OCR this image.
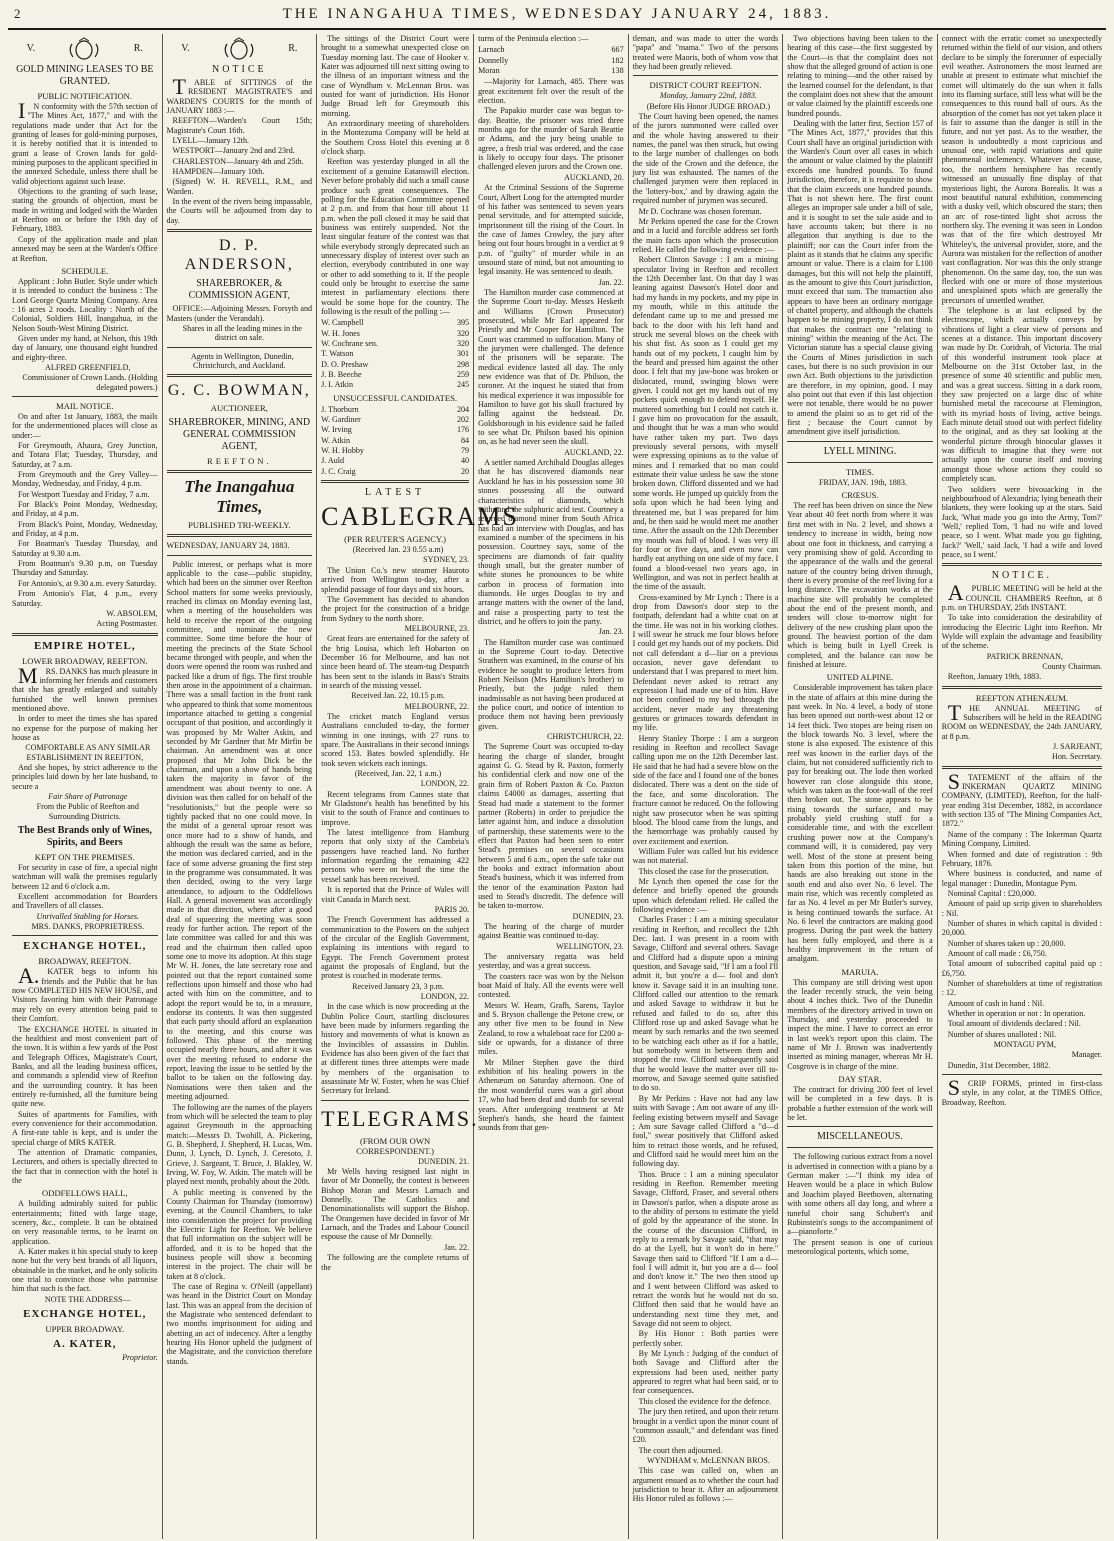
2	THE INANGAHUA TIMES, WEDNESDAY JANUARY 24, 1883.
V.	R.
GOLD MINING LEASES TO BE GRANTED.
PUBLIC NOTIFICATION.

IN conformity with the 57th section of "The Mines Act, 1877," and with the regulations made under that Act for the granting of leases for gold-mining purposes, it is hereby notified that it is intended to grant a lease of Crown lands for gold-mining purposes to the applicant specified in the annexed Schedule, unless there shall be valid objections against such lease.

Objections to the granting of such lease, stating the grounds of objection, must be made in writing and lodged with the Warden at Reefton on or before the 19th day of February, 1883.

Copy of the application made and plan annexed may be seen at the Warden's Office at Reefton.

SCHEDULE.

Applicant : John Butler. Style under which it is intended to conduct the business : The Lord George Quartz Mining Company. Area : 16 acres 2 roods. Locality : North of the Colonial, Soldiers Hill, Inangahua, in the Nelson South-West Mining District.

Given under my hand, at Nelson, this 19th day of January, one thousand eight hundred and eighty-three.

ALFRED GREENFIELD,

Commissioner of Crown Lands. (Holding delegated powers.)

MAIL NOTICE.

On and after 1st January, 1883, the mails for the undermentioned places will close as under:—

For Greymouth, Ahaura, Grey Junction, and Totara Flat; Tuesday, Thursday, and Saturday, at 7 a.m.

From Greymouth and the Grey Valley—Monday, Wednesday, and Friday, 4 p.m.

For Westport Tuesday and Friday, 7 a.m.

For Black's Point Monday, Wednesday, and Friday, at 4 p.m.

From Black's Point, Monday, Wednesday, and Friday, at 4 p.m.

For Boatman's Tuesday Thursday, and Saturday at 9.30 a.m.

From Boatman's 9.30 p.m, on Tuesday Thursday and Saturday.

For Antonio's, at 9.30 a.m. every Saturday.

From Antonio's Flat, 4 p.m., every Saturday.

W. ABSOLEM,

Acting Postmaster.

EMPIRE HOTEL,
LOWER BROADWAY, REEFTON.

MRS. DANKS has much pleasure in informing her friends and customers that she has greatly enlarged and suitably furnished the well known premises mentioned above.

In order to meet the times she has spared no expense for the purpose of making her house as

COMFORTABLE AS ANY SIMILAR ESTABLISHMENT IN REEFTON,

And she hopes, by strict adherence to the principles laid down by her late husband, to secure a

Fair Share of Patronage

From the Public of Reefton and Surrounding Districts.

The Best Brands only of Wines, Spirits, and Beers
KEPT ON THE PREMISES.

For security in case of fire, a special night watchman will walk the premises regularly between 12 and 6 o'clock a.m.

Excellent accommodation for Boarders and Travellers of all classes.

Unrivalled Stabling for Horses.

MRS. DANKS, PROPRIETRESS.

EXCHANGE HOTEL,
BROADWAY, REEFTON.

A.KATER begs to inform his friends and the Public that he has now COMPLETED HIS NEW HOUSE, and Visitors favoring him with their Patronage may rely on every attention being paid to their Comfort.

The EXCHANGE HOTEL is situated in the healthiest and most convenient part of the town. It is within a few yards of the Post and Telegraph Offices, Magistrate's Court, Banks, and all the leading business offices, and commands a splendid view of Reefton and the surrounding country. It has been entirely re-furnished, all the furniture being quite new.

Suites of apartments for Families, with every convenience for their accommodation. A first-rate table is kept, and is under the special charge of MRS KATER.

The attention of Dramatic companies, Lecturers, and others is specially directed to the fact that in connection with the hotel is the

ODDFELLOWS HALL,

A building admirably suited for public entertainments; fitted with large stage, scenery, &c., complete. It can be obtained on very reasonable terms, to be learnt on application.

A. Kater makes it his special study to keep none but the very best brands of all liquors, obtainable in the market, and he only solicits one trial to convince those who patronise him that such is the fact.

NOTE THE ADDRESS—

EXCHANGE HOTEL,
UPPER BROADWAY.
A. KATER,

Proprietor.

V.	R.
NOTICE

TABLE of SITTINGS of the RESIDENT MAGISTRATE'S and WARDEN'S COURTS for the month of JANUARY 1883 :—

REEFTON—Warden's Court 15th; Magistrate's Court 16th.

LYELL—January 12th.

WESTPORT—January 2nd and 23rd.

CHARLESTON—January 4th and 25th.

HAMPDEN—January 10th.

(Signed) W. H. REVELL, R.M., and Warden.

In the event of the rivers being impassable, the Courts will be adjourned from day to day.

D. P. ANDERSON,
SHAREBROKER, & COMMISSION AGENT,

OFFICE:—Adjoining Messrs. Forsyth and Masters (under the Verandah).

Shares in all the leading mines in the district on sale.

Agents in Wellington, Dunedin, Christchurch, and Auckland.

G. C. BOWMAN,
AUCTIONEER,
SHAREBROKER, MINING, AND GENERAL COMMISSION AGENT,
REEFTON.
The Inangahua Times,
PUBLISHED TRI-WEEKLY.

WEDNESDAY, JANUARY 24, 1883.

Public interest, or perhaps what is more applicable to the case—public stupidity, which had been on the simmer over Reefton School matters for some weeks previously, reached its climax on Monday evening last, when a meeting of the householders was held to receive the report of the outgoing committee, and nominate the new committee. Some time before the hour of meeting the precincts of the State School became thronged with people, and when the doors were opened the room was rushed and packed like a drum of figs. The first trouble then arose in the appointment of a chairman. There was a small faction in the front rank who appeared to think that some momentous importance attached to getting a congenial occupant of that position, and accordingly it was proposed by Mr Walter Askin, and seconded by Mr Gardner that Mr Mirfin be chairman. An amendment was at once proposed that Mr John Dick be the chairman, and upon a show of hands being taken the majority in favor of the amendment was about twenty to one. A division was then called for on behalf of the "resolutionists," but the people were so tightly packed that no one could move. In the midst of a general uproar resort was once more had to a show of hands, and although the result was the same as before, the motion was declared carried, and in the face of some adverse groaning the first step in the programme was consummated. It was then decided, owing to the very large attendance, to adjourn to the Oddfellows Hall. A general movement was accordingly made in that direction, where after a good deal of squeezing the meeting was soon ready for further action. The report of the late committee was called for and this was read and the chairman then called upon some one to move its adoption. At this stage Mr W. H. Jones, the late secretary rose and pointed out that the report contained some reflections upon himself and those who had acted with him on the committee, and to adopt the report would be to, in a measure, endorse its contents. It was then suggested that each party should afford an explanation to the meeting, and this course was followed. This phase of the meeting occupied nearly three hours, and after it was over the meeting refused to endorse the report, leaving the issue to be settled by the ballot to be taken on the following day. Nominations were then taken and the meeting adjourned.

The following are the names of the players from which will be selected the team to play against Greymouth in the approaching match:—Messrs D. Twohill, A. Pickering, G. B. Shepherd, J. Shepherd, H. Lucas, Wm. Dunn, J. Lynch, D. Lynch, J. Ceresoto, J. Grieve, J. Sargeant, T. Bruce, J. Blakley, W. Irving, W. Foy, W. Atkin. The match will be played next month, probably about the 20th.

A public meeting is convened by the County Chairman for Thursday (tomorrow) evening, at the Council Chambers, to take into consideration the project for providing the Electric Light for Reefton. We believe that full information on the subject will be afforded, and it is to be hoped that the business people will show a becoming interest in the project. The chair will be taken at 8 o'clock.

The case of Regina v. O'Neill (appellant) was heard in the District Court on Monday last. This was an appeal from the decision of the Magistrate who sentenced defendant to two months imprisonment for aiding and abetting an act of indecency. After a lengthy hearing His Honor upheld the judgment of the Magistrate, and the conviction therefore stands.

The sittings of the District Court were brought to a somewhat unexpected close on Tuesday morning last. The case of Hooker v. Kater was adjourned till next sitting owing to the illness of an important witness and the case of Wyndham v. McLennan Bros. was ousted for want of jurisdiction. His Honor Judge Broad left for Greymouth this morning.

An extraordinary meeting of shareholders in the Montezuma Company will be held at the Southern Cross Hotel this evening at 8 o'clock sharp.

Reefton was yesterday plunged in all the excitement of a genuine Eatanswill election. Never before probably did such a small cause produce such great consequences. The polling for the Education Committee opened at 2 p.m. and from that hour till about 11 p.m. when the poll closed it may be said that business was entirely suspended. Not the least singular feature of the contest was that while everybody strongly deprecated such an unnecessary display of interest over such an election, everybody contributed in one way or other to add something to it. If the people could only be brought to exercise the same interest in parliamentary elections there would be some hope for the country. The following is the result of the polling :—

W. Campbell	395

W. H. Jones	320

W. Cochrane sen.	320

T. Watson	301

D. O. Preshaw	298

J. B. Beeche	259

J. I. Atkin	245

UNSUCCESSFUL CANDIDATES.

J. Thorburn	204

W. Gardiner	202

W. Irving	176

W. Atkin	84

W. H. Hobby	79

J. Auld	40

J. C. Craig	20

LATEST
CABLEGRAMS
(PER REUTER'S AGENCY.)

(Received Jan. 23 0.55 a.m)

SYDNEY, 23.

The Union Co.'s new steamer Hauroto arrived from Wellington to-day, after a splendid passage of four days and six hours.

The Government has decided to abandon the project for the construction of a bridge from Sydney to the north shore.

MELBOURNE, 23.

Great fears are entertained for the safety of the brig Louisa, which left Hobarton on December 16 for Melbourne, and has not since been heard of. The steam-tug Despatch has been sent to the islands in Bass's Straits in search of the missing vessel.

Received Jan. 22, 10.15 p.m.

MELBOURNE, 22.

The cricket match England versus Australians concluded to-day, the former winning in one innings, with 27 runs to spare. The Australians in their second innings scored 153. Bates bowled splendidly. He took seven wickets each innings.

(Received, Jan. 22, 1 a.m.)

LONDON, 22.

Recent telegrams from Cannes state that Mr Gladstone's health has benefitted by his visit to the south of France and continues to improve.

The latest intelligence from Hamburg reports that only sixty of the Cambria's passengers have reached land. No further information regarding the remaining 422 persons who were on board the time the vessel sank has been received.

It is reported that the Prince of Wales will visit Canada in March next.

PARIS 20.

The French Government has addressed a communication to the Powers on the subject of the circular of the English Government, explaining its intentions with regard to Egypt. The French Government protest against the proposals of England, but the protest is couched in moderate terms.

Received January 23, 3 p.m.

LONDON, 22.

In the case which is now proceeding at the Dublin Police Court, startling disclosures have been made by informers regarding the history and movements of what is known as the Invincibles of assassins in Dublin. Evidence has also been given of the fact that at different times three attempts were made by members of the organisation to assassinate Mr W. Foster, when he was Chief Secretary for Ireland.

TELEGRAMS.
(FROM OUR OWN CORRESPONDENT.)

DUNEDIN. 21.

Mr Wells having resigned last night in favor of Mr Donnelly, the contest is between Bishop Moran and Messrs Larnach and Donnelly. The Catholics and Denominationalists will support the Bishop. The Orangemen have decided in favor of Mr Larnach, and the Trades and Labour Council espouse the cause of Mr Donnelly.

Jan. 22.

The following are the complete returns of the

turns of the Peninsula election :—

Larnach	667

Donnelly	182

Moran	138

—Majority for Larnach, 485. There was great excitement felt over the result of the election.

The Papakio murder case was begun to-day. Beattie, the prisoner was tried three months ago for the murder of Sarah Beattie or Adams, and the jury being unable to agree, a fresh trial was ordered, and the case is likely to occupy four days. The prisoner challenged eleven jurors and the Crown one.

AUCKLAND, 20.

At the Criminal Sessions of the Supreme Court, Albert Long for the attempted murder of his father was sentenced to seven years penal servitude, and for attempted suicide, imprisonment till the rising of the Court. In the case of James Crowley, the jury after being out four hours brought in a verdict at 9 p.m. of "guilty" of murder while in an unsound state of mind, but not amounting to legal insanity. He was sentenced to death.

Jan. 22.

The Hamilton murder case commenced at the Supreme Court to-day. Messrs Hesketh and Williams (Crown Prosecutor) prosecuted, while Mr Earl appeared for Priestly and Mr Cooper for Hamilton. The Court was crammed to suffocation. Many of the jurymen were challenged. The defence of the prisoners will be separate. The medical evidence lasted all day. The only new evidence was that of Dr. Philson, the coroner. At the inquest he stated that from his medical experience it was impossible for Hamilton to have got his skull fractured by falling against the bedstead. Dr. Goldsborough in his evidence said he failed to see what Dr. Philson based his opinion on, as he had never seen the skull.

AUCKLAND, 22.

A settler named Archibald Douglas alleges that he has discovered diamonds near Auckland he has in his possession some 30 stones possessing all the outward characteristics of diamonds, which withstand the sulphuric acid test. Courtney a returned diamond miner from South Africa has had an interview with Douglas, and has examined a number of the specimens in his possession. Courtney says, some of the specimens are diamonds of fair quality though small, but the greater number of white stones he pronounces to be white carbon in process of formation into diamonds. He urges Douglas to try and arrange matters with the owner of the land, and raise a prospecting party to test the district, and he offers to join the party.

Jan. 23.

The Hamilton murder case was continued in the Supreme Court to-day. Detective Strathern was examined, in the course of his evidence he sought to produce letters from Robert Neilson (Mrs Hamilton's brother) to Priestly, but the judge ruled them inadmissable as not having been produced at the police court, and notice of intention to produce them not having been previously given.

CHRISTCHURCH, 22.

The Supreme Court was occupied to-day hearing the charge of slander, brought against G. G. Stead by R. Paxton, formerly his confidential clerk and now one of the grain firm of Robert Paxton & Co. Paxton claims £4000 as damages, asserting that Stead had made a statement to the former partner (Roberts) in order to prejudice the latter against him, and induce a dissolution of partnership, these statements were to the effect that Paxton had been seen to enter Stead's premises on several occasions between 5 and 6 a.m., open the safe take out the books and extract information about Stead's business, which it was inferred from the tenor of the examination Paxton had used to Stead's discredit. The defence will be taken to-morrow.

DUNEDIN, 23.

The hearing of the charge of murder against Beattie was continued to-day.

WELLINGTON, 23.

The anniversary regatta was held yesterday, and was a great success.

The coasters race was won by the Nelson boat Maid of Italy. All the events were well contested.

Messrs W. Hearn, Grafh, Sarens, Taylor and S. Bryson challenge the Petone crew, or any other five men to be found in New Zealand, to row a whaleboat race for £200 a-side or upwards, for a distance of three miles.

Mr Milner Stephen gave the third exhibition of his healing powers in the Athenæum on Saturday afternoon. One of the most wonderful cures was a girl about 17, who had been deaf and dumb for several years. After undergoing treatment at Mr Stephen's hands, she heard the faintest sounds from that gen-

tleman, and was made to utter the words "papa" and "mama." Two of the persons treated were Maoris, both of whom vow that they had been greatly relieved.

DISTRICT COURT REEFTON.

Monday, January 22nd, 1883.

(Before His Honor JUDGE BROAD.)

The Court having been opened, the names of the jurors summoned were called over and the whole having answered to their names, the panel was then struck, but owing to the large number of challenges on both the side of the Crown and the defence, the jury list was exhausted. The names of the challenged jurymen were then replaced in the 'lottery-box,' and by drawing again the required number of jurymen was secured.

Mr D. Cochrane was chosen foreman.

Mr Perkins opened the case for the Crown and in a lucid and forcible address set forth the main facts upon which the prosecution relied. He called the following evidence :—

Robert Clinton Savage : I am a mining speculator living in Reefton and recollect the 12th December last. On that day I was leaning against Dawson's Hotel door and had my hands in my pockets, and my pipe in my mouth, while in this attitude the defendant came up to me and pressed me back to the door with his left hand and struck me several blows on the cheek with his shut fist. As soon as I could get my hands out of my pockets, I caught him by the beard and pressed him against the other door. I felt that my jaw-bone was broken or dislocated, round, swinging blows were given. I could not get my hands out of my pockets quick enough to defend myself. He muttered something but I could not catch it. I gave him no provocation for the assault, and thought that he was a man who would have rather taken my part. Two days previously several persons, with myself were expressing opinions as to the value of mines and I remarked that no man could estimate their value unless he saw the stone broken down. Clifford dissented and we had some words. He jumped up quickly from the sofa upon which he had been lying and threatened me, but I was prepared for him and, he then said he would meet me another time. After the assault on the 12th December my mouth was full of blood. I was very ill for four or five days, and even now can hardly eat anything on one side of my face. I found a blood-vessel two years ago, in Wellington, and was not in perfect health at the time of the assault.

Cross-examined by Mr Lynch : There is a drop from Dawson's door step to the footpath, defendant had a white coat on at the time. He was not in his working clothes. I will swear he struck me four blows before I could get my hands out of my pockets. Did not call defendant a d—liar on a previous occasion, never gave defendant to understand that I was prepared to meet him. Defendant never asked to retract any expression I had made use of to him. Have not been confined to my bed through the accident, never made any threatening gestures or grimaces towards defendant in my life.

Henry Stanley Thorpe : I am a surgeon residing in Reefton and recollect Savage calling upon me on the 12th December last. He said that he had had a severe blow on the side of the face and I found one of the bones dislocated. There was a dent on the side of the face, and some discoloration. The fracture cannot be reduced. On the following night saw prosecutor when he was spitting blood. The blood came from the lungs, and the hæmorrhage was probably caused by over excitement and exertion.

William Fuler was called but his evidence was not material.

This closed the case for the prosecution.

Mr Lynch then opened the case for the defence and briefly opened the grounds upon which defendant relied. He called the following evidence :—

Charles Fraser : I am a mining speculator residing in Reefton, and recollect the 12th Dec. last. I was present in a room with Savage, Clifford and several others. Savage and Clifford had a dispute upon a mining question, and Savage said, "If I am a fool I'll admit it, but you're a d— fool and don't know it. Savage said it in an insulting tone. Clifford called our attention to the remark and asked Savage to withdraw it but he refused and failed to do so, after this Clifford rose up and asked Savage what he meant by such remarks and the two seemed to be watching each other as if for a battle, but somebody went in between them and stopped the row. Clifford subsequently said that he would leave the matter over till to-morrow, and Savage seemed quite satisfied to do so.

By Mr Perkins : Have not had any law suits with Savage ; Am not aware of any ill-feeling existing between myself and Savage ; Am sure Savage called Clifford a "d—d fool," swear positively that Clifford asked him to retract those words, and he refused, and Clifford said he would meet him on the following day.

Thos. Bruce : I am a mining speculator residing in Reefton. Remember meeting Savage, Clifford, Fraser, and several others in Dawson's parlor, when a dispute arose as to the ability of persons to estimate the yield of gold by the appearance of the stone. In the course of the discussion Clifford, in reply to a remark by Savage said, "that may do at the Lyell, but it won't do in here." Savage then said to Clifford "If I am a d— fool I will admit it, but you are a d— fool and don't know it." The two then stood up and I went between Clifford was asked to retract the words but he would not do so. Clifford then said that he would have an understanding next time they met, and Savage did not seem to object.

By His Honor : Both parties were perfectly sober.

By Mr Lynch : Judging of the conduct of both Savage and Clifford after the expressions had been used, neither party appeared to regret what had been said, or to fear consequences.

This closed the evidence for the defence.

The jury then retired, and upon their return brought in a verdict upon the minor count of "common assault," and defendant was fined £20.

The court then adjourned.

WYNDHAM v. McLENNAN BROS.

This case was called on, when an argument ensued as to whether the court had jurisdiction to hear it. After an adjournment His Honor ruled as follows :—

Two objections having been taken to the hearing of this case—the first suggested by the Court—is that the complaint does not show that the alleged ground of action is one relating to mining—and the other raised by the learned counsel for the defendant, is that the complaint does not shew that the amount or value claimed by the plaintiff exceeds one hundred pounds.

Dealing with the latter first, Section 157 of "The Mines Act, 1877," provides that this Court shall have an original jurisdiction with the Warden's Court over all cases in which the amount or value claimed by the plaintiff exceeds one hundred pounds. To found jurisdiction, therefore, it is requisite to show that the claim exceeds one hundred pounds. That is not shewn here. The first count alleges an improper sale under a bill of sale, and it is sought to set the sale aside and to have accounts taken; but there is no allegation that anything is due to the plaintiff; nor can the Court infer from the plaint as it stands that he claims any specific amount or value. There is a claim for L100 damages, but this will not help the plaintiff, as the amount to give this Court jurisdiction, must exceed that sum. The transaction also appears to have been an ordinary mortgage of chattel property, and although the chattels happen to be mining property, I do not think that makes the contract one "relating to mining" within the meaning of the Act. The Victorian statute has a special clause giving the Courts of Mines jurisdiction in such cases, but there is no such provision in our own Act. Both objections to the jurisdiction are therefore, in my opinion, good. I may also point out that even if this last objection were not tenable, there would be no power to amend the plaint so as to get rid of the first ; because the Court cannot by amendment give itself jurisdiction.

LYELL MINING.
TIMES.

FRIDAY, JAN. 19th, 1883.

CRŒSUS.

The reef has been driven on since the New Year about 40 feet north from where it was first met with in No. 2 level, and shows a tendency to increase in width, being now about one foot in thickness, and carrying a very promising show of gold. According to the appearance of the walls and the general nature of the country being driven through, there is every promise of the reef living for a long distance. The excavation works at the machine site will probably be completed about the end of the present month, and tenders will close to-morrow night for delivery of the new crushing plant upon the ground. The heaviest portion of the dam which is being built in Lyell Creek is completed, and the balance can now be finished at leisure.

UNITED ALPINE.

Considerable improvement has taken place in the state of affairs at this mine during the past week. In No. 4 level, a body of stone has been opened out north-west about 12 or 14 feet thick. Two stopes are being risen on the block towards No. 3 level, where the stone is also exposed. The existence of this reef was known in the earlier days of the claim, but not considered sufficiently rich to pay for breaking out. The lode then worked however ran close alongside this stone, which was taken as the foot-wall of the reef then broken out. The stone appears to be rising towards the surface, and may probably yield crushing stuff for a considerable time, and with the excellent crushing power now at the Company's command will, it is considered, pay very well. Most of the stone at present being taken from this portion of the mine, but hands are also breaking out stone in the south end and also over No. 6 level. The main rise, which was recently completed as far as No. 4 level as per Mr Butler's survey, is being continued towards the surface. At No. 6 level the contractors are making good progress. During the past week the battery has been fully employed, and there is a healthy improvement in the return of amalgam.

MARUIA.

This company are still driving west upon the leader recently struck, the vein being about 4 inches thick. Two of the Dunedin members of the directory arrived in town on Thursday, and yesterday proceeded to inspect the mine. I have to correct an error in last week's report upon this claim. The name of Mr J. Brown was inadvertently inserted as mining manager, whereas Mr H. Cosgrove is in charge of the mine.

DAY STAR.

The contract for driving 200 feet of level will be completed in a few days. It is probable a further extension of the work will be let.

MISCELLANEOUS.

The following curious extract from a novel is advertised in connection with a piano by a German maker :—"I think my idea of Heaven would be a place in which Bulow and Joachim played Beethoven, alternating with some others all day long, and where a tuneful choir sang Schubert's and Rubinstein's songs to the accompaniment of a—pianoforte."

The present season is one of curious meteorological portents, which some,

connect with the erratic comet so unexpectedly returned within the field of our vision, and others declare to be simply the forerunner of especially evil weather. Astronomers the most learned are unable at present to estimate what mischief the comet will ultimately do the sun when it falls into its flaming surface, still less what will be the consequences to this round ball of ours. As the absorption of the comet has not yet taken place it is fair to assume than the danger is still in the future, and not yet past. As to the weather, the season is undoubtedly a most capricious and unusual one, with rapid variations and quite phenomenal inclemency. Whatever the cause, too, the northern hemisphere has recently witnessed an unusually fine display of that mysterious light, the Aurora Borealis. It was a most beautiful natural exhibition, commencing with a dusky veil, which obscured the stars; then an arc of rose-tinted light shot across the northern sky. The evening it was seen in London was that of the fire which destroyed Mr Whiteley's, the universal provider, store, and the Aurora was mistaken for the reflection of another vast conflagration. Nor was this the only strange phenomenon. On the same day, too, the sun was flecked with one or more of those mysterious and unexplained spots which are generally the precursors of unsettled weather.

The telephone is at last eclipsed by the electroscope, which actually conveys by vibrations of light a clear view of persons and scenes at a distance. This important discovery was made by Dr. Coridrah, of Victoria. The trial of this wonderful instrument took place at Melbourne on the 31st October last, in the presence of some 40 scientific and public men, and was a great success. Sitting in a dark room, they saw projected on a large disc of white burnished metal the racecourse at Flemington, with its myriad hosts of living, active beings. Each minute detail stood out with perfect fidelity to the original, and as they sat looking at the wonderful picture through binocular glasses it was difficult to imagine that they were not actually upon the course itself and moving amongst those whose actions they could so completely scan.

Two soldiers were bivouacking in the neighbourhood of Alexandria; lying beneath their blankets, they were looking up at the stars. Said Jack, 'What made you go into the Army, Tom?' 'Well,' replied Tom, 'I had no wife and loved peace, so I went. What made you go fighting, Jack?' 'Well,' said Jack, 'I had a wife and loved peace, so I went.'

NOTICE.

APUBLIC MEETING will be held at the COUNCIL CHAMBERS Reefton, at 8 p.m. on THURSDAY, 25th INSTANT.

To take into consideration the desirability of introducing the Electric Light into Reefton. Mr Wylde will explain the advantage and feasibility of the scheme.

PATRICK BRENNAN,

County Chairman.

Reefton, January 19th, 1883.

REEFTON ATHENÆUM.

THE ANNUAL MEETING of Subscribers will be held in the READING ROOM on WEDNESDAY, the 24th JANUARY, at 8 p.m.

J. SARJEANT,

Hon. Secretary.

STATEMENT of the affairs of the INKERMAN QUARTZ MINING COMPANY, (LIMITED), Reefton, for the half-year ending 31st December, 1882, in accordance with section 135 of "The Mining Companies Act, 1872."

Name of the company : The Inkerman Quartz Mining Company, Limited.

When formed and date of registration : 9th February, 1876.

Where business is conducted, and name of legal manager : Dunedin, Montague Pym.

Nominal Capital : £20,000.

Amount of paid up scrip given to shareholders : Nil.

Number of shares in which capital is divided : 20,000.

Number of shares taken up : 20,000.

Amount of call made : £6,750.

Total amount of subscribed capital paid up : £6,750.

Number of shareholders at time of registration : 12.

Amount of cash in hand : Nil.

Whether in operation or not : In operation.

Total amount of dividends declared : Nil.

Number of shares unalloted : Nil.

MONTAGU PYM,

Manager.

Dunedin, 31st December, 1882.

SCRIP FORMS, printed in first-class style, in any color, at the TIMES Office, Broadway, Reefton.
